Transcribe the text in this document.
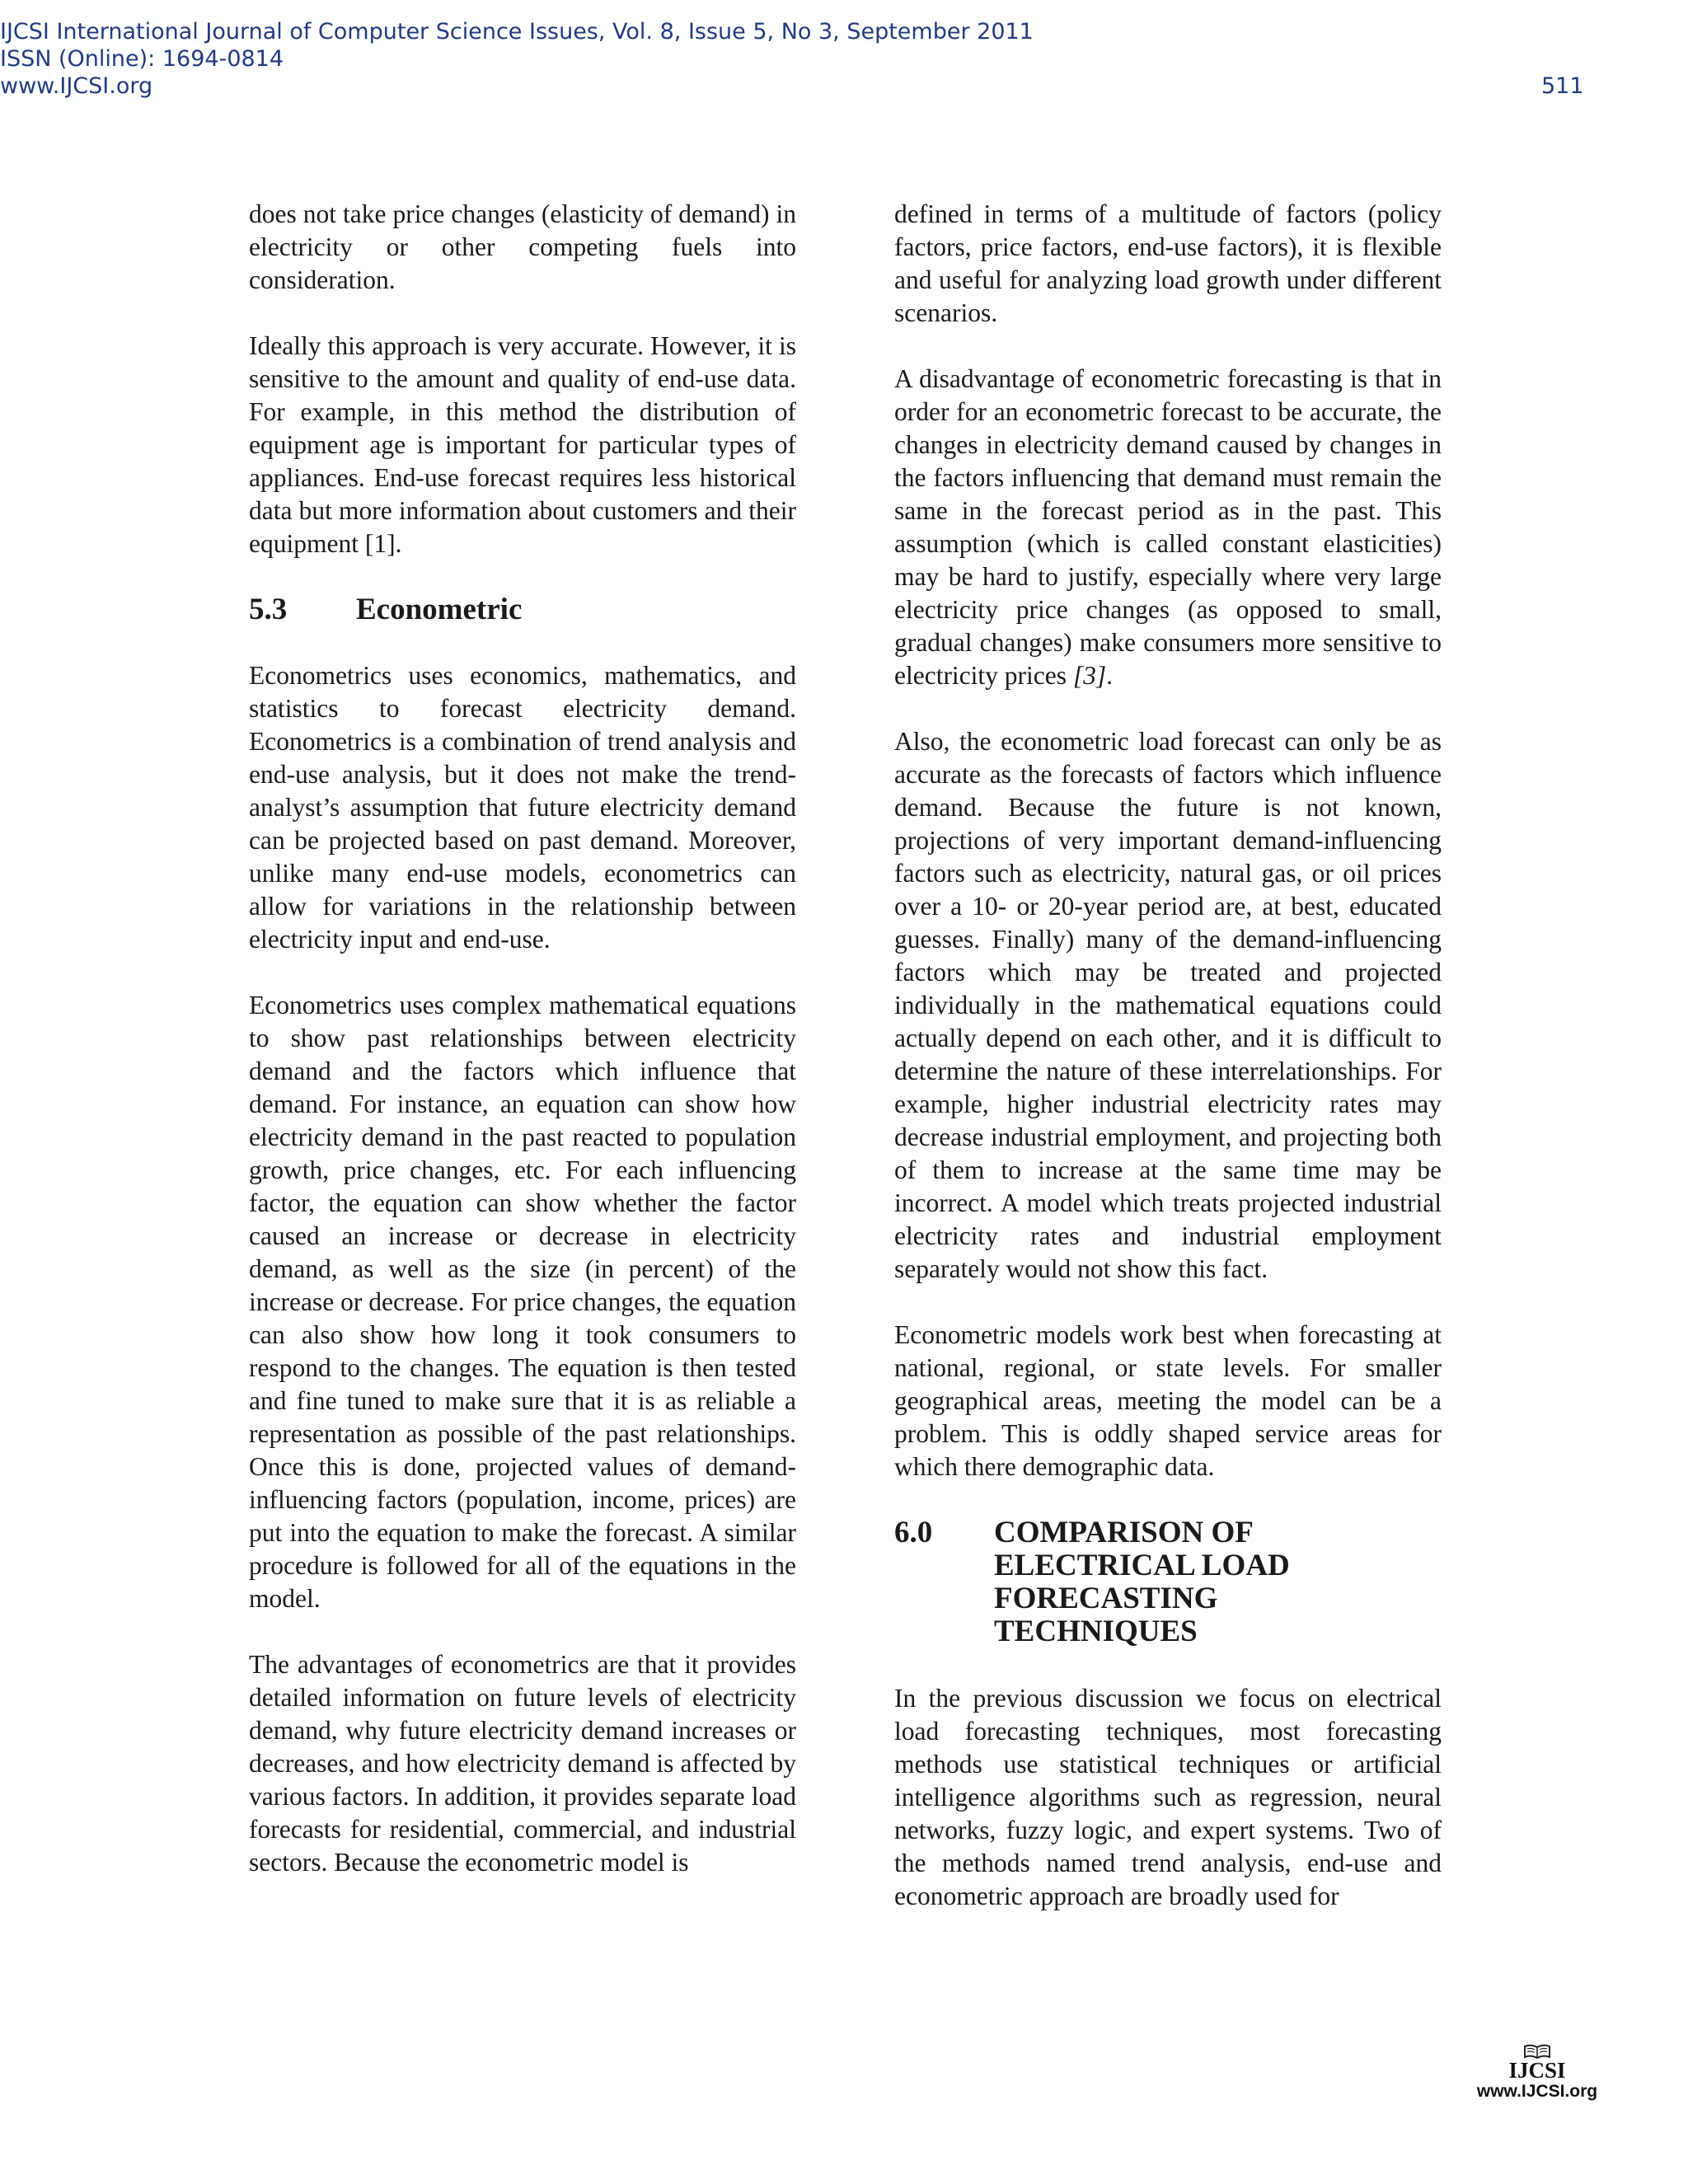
IJCSI International Journal of Computer Science Issues, Vol. 8, Issue 5, No 3, September 2011
ISSN (Online): 1694-0814
www.IJCSI.org	511

does not take price changes (elasticity of demand) in electricity or other competing fuels into consideration.

Ideally this approach is very accurate. However, it is sensitive to the amount and quality of end-use data. For example, in this method the distribution of equipment age is important for particular types of appliances. End-use forecast requires less historical data but more information about customers and their equipment [1].

5.3	Econometric

Econometrics uses economics, mathematics, and statistics to forecast electricity demand. Econometrics is a combination of trend analysis and end-use analysis, but it does not make the trend-analyst’s assumption that future electricity demand can be projected based on past demand. Moreover, unlike many end-use models, econometrics can allow for variations in the relationship between electricity input and end-use.

Econometrics uses complex mathematical equations to show past relationships between electricity demand and the factors which influence that demand. For instance, an equation can show how electricity demand in the past reacted to population growth, price changes, etc. For each influencing factor, the equation can show whether the factor caused an increase or decrease in electricity demand, as well as the size (in percent) of the increase or decrease. For price changes, the equation can also show how long it took consumers to respond to the changes. The equation is then tested and fine tuned to make sure that it is as reliable a representation as possible of the past relationships. Once this is done, projected values of demand-influencing factors (population, income, prices) are put into the equation to make the forecast. A similar procedure is followed for all of the equations in the model.

The advantages of econometrics are that it provides detailed information on future levels of electricity demand, why future electricity demand increases or decreases, and how electricity demand is affected by various factors. In addition, it provides separate load forecasts for residential, commercial, and industrial sectors. Because the econometric model is

defined in terms of a multitude of factors (policy factors, price factors, end-use factors), it is flexible and useful for analyzing load growth under different scenarios.

A disadvantage of econometric forecasting is that in order for an econometric forecast to be accurate, the changes in electricity demand caused by changes in the factors influencing that demand must remain the same in the forecast period as in the past. This assumption (which is called constant elasticities) may be hard to justify, especially where very large electricity price changes (as opposed to small, gradual changes) make consumers more sensitive to electricity prices [3].

Also, the econometric load forecast can only be as accurate as the forecasts of factors which influence demand. Because the future is not known, projections of very important demand-influencing factors such as electricity, natural gas, or oil prices over a 10- or 20-year period are, at best, educated guesses. Finally) many of the demand-influencing factors which may be treated and projected individually in the mathematical equations could actually depend on each other, and it is difficult to determine the nature of these interrelationships. For example, higher industrial electricity rates may decrease industrial employment, and projecting both of them to increase at the same time may be incorrect. A model which treats projected industrial electricity rates and industrial employment separately would not show this fact.

Econometric models work best when forecasting at national, regional, or state levels. For smaller geographical areas, meeting the model can be a problem. This is oddly shaped service areas for which there demographic data.

6.0	COMPARISON OF ELECTRICAL LOAD FORECASTING TECHNIQUES

In the previous discussion we focus on electrical load forecasting techniques, most forecasting methods use statistical techniques or artificial intelligence algorithms such as regression, neural networks, fuzzy logic, and expert systems. Two of the methods named trend analysis, end-use and econometric approach are broadly used for

IJCSI
www.IJCSI.org
